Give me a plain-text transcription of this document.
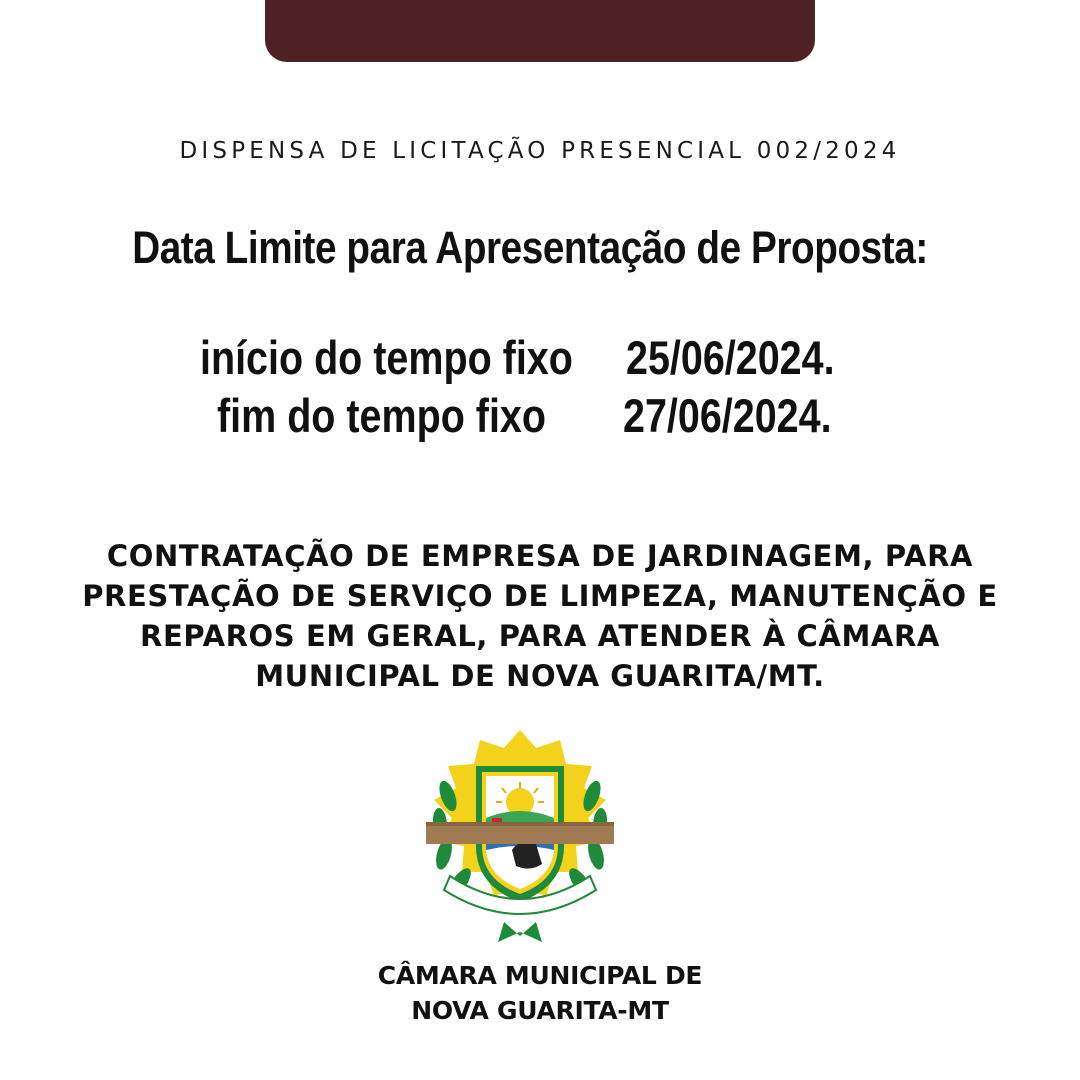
DISPENSA DE LICITAÇÃO PRESENCIAL 002/2024
Data Limite para Apresentação de Proposta:
início do tempo fixo 25/06/2024.
fim do tempo fixo 27/06/2024.
CONTRATAÇÃO DE EMPRESA DE JARDINAGEM, PARA PRESTAÇÃO DE SERVIÇO DE LIMPEZA, MANUTENÇÃO E REPAROS EM GERAL, PARA ATENDER À CÂMARA MUNICIPAL DE NOVA GUARITA/MT.
CÂMARA MUNICIPAL DE
NOVA GUARITA-MT
